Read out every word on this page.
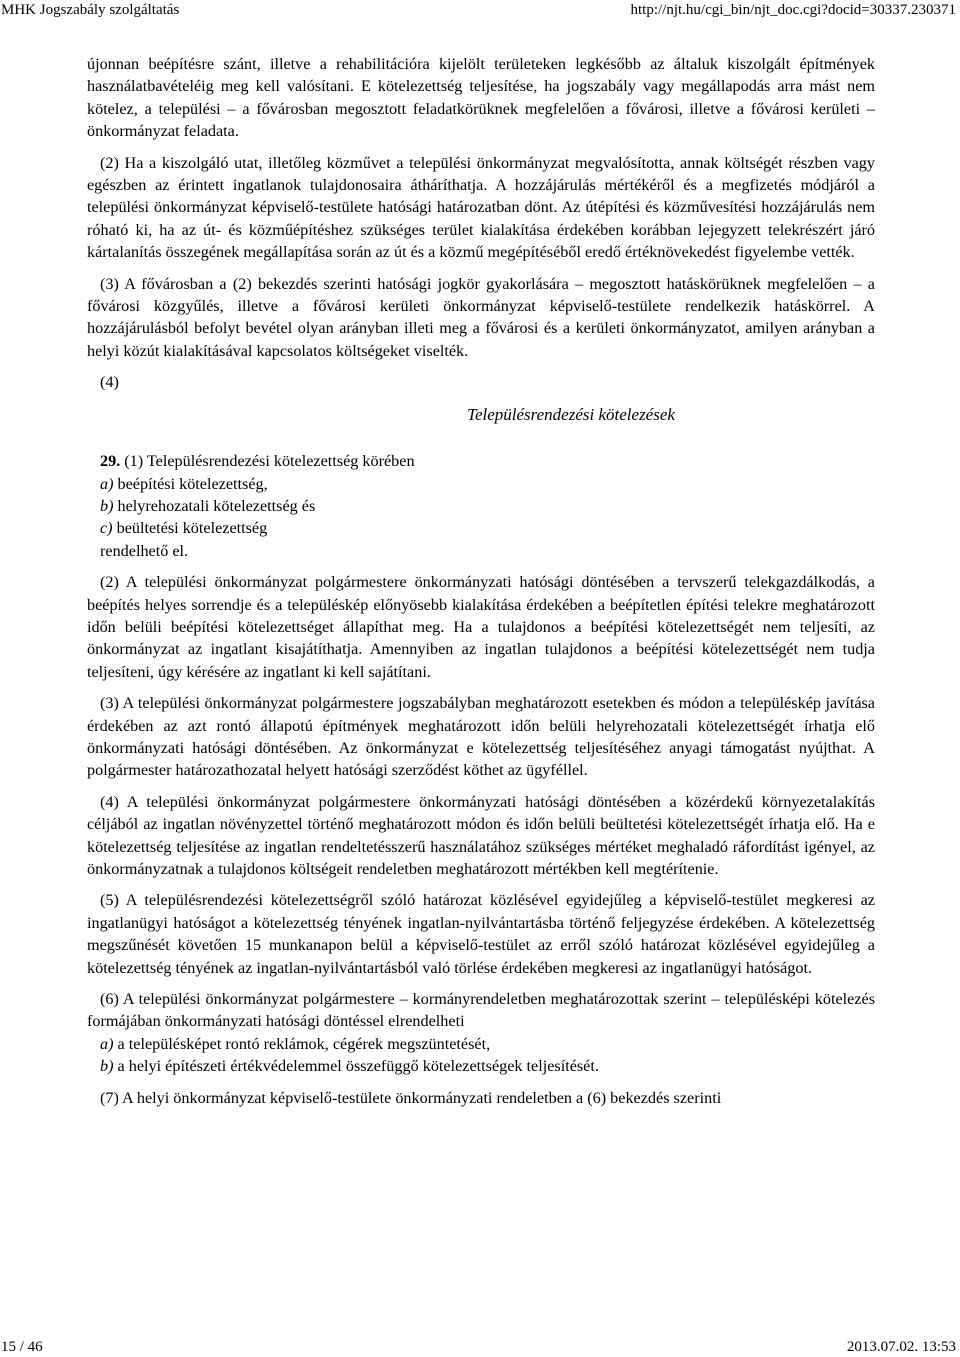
MHK Jogszabály szolgáltatás	http://njt.hu/cgi_bin/njt_doc.cgi?docid=30337.230371

újonnan beépítésre szánt, illetve a rehabilitációra kijelölt területeken legkésőbb az általuk kiszolgált építmények használatbavételéig meg kell valósítani. E kötelezettség teljesítése, ha jogszabály vagy megállapodás arra mást nem kötelez, a települési – a fővárosban megosztott feladatkörüknek megfelelően a fővárosi, illetve a fővárosi kerületi – önkormányzat feladata.

(2) Ha a kiszolgáló utat, illetőleg közművet a települési önkormányzat megvalósította, annak költségét részben vagy egészben az érintett ingatlanok tulajdonosaira átháríthatja. A hozzájárulás mértékéről és a megfizetés módjáról a települési önkormányzat képviselő-testülete hatósági határozatban dönt. Az útépítési és közművesítési hozzájárulás nem róható ki, ha az út- és közműépítéshez szükséges terület kialakítása érdekében korábban lejegyzett telekrészért járó kártalanítás összegének megállapítása során az út és a közmű megépítéséből eredő értéknövekedést figyelembe vették.

(3) A fővárosban a (2) bekezdés szerinti hatósági jogkör gyakorlására – megosztott hatáskörüknek megfelelően – a fővárosi közgyűlés, illetve a fővárosi kerületi önkormányzat képviselő-testülete rendelkezik hatáskörrel. A hozzájárulásból befolyt bevétel olyan arányban illeti meg a fővárosi és a kerületi önkormányzatot, amilyen arányban a helyi közút kialakításával kapcsolatos költségeket viselték.

(4)

Településrendezési kötelezések

29. (1) Településrendezési kötelezettség körében

a) beépítési kötelezettség,

b) helyrehozatali kötelezettség és

c) beültetési kötelezettség

rendelhető el.

(2) A települési önkormányzat polgármestere önkormányzati hatósági döntésében a tervszerű telekgazdálkodás, a beépítés helyes sorrendje és a településkép előnyösebb kialakítása érdekében a beépítetlen építési telekre meghatározott időn belüli beépítési kötelezettséget állapíthat meg. Ha a tulajdonos a beépítési kötelezettségét nem teljesíti, az önkormányzat az ingatlant kisajátíthatja. Amennyiben az ingatlan tulajdonos a beépítési kötelezettségét nem tudja teljesíteni, úgy kérésére az ingatlant ki kell sajátítani.

(3) A települési önkormányzat polgármestere jogszabályban meghatározott esetekben és módon a településkép javítása érdekében az azt rontó állapotú építmények meghatározott időn belüli helyrehozatali kötelezettségét írhatja elő önkormányzati hatósági döntésében. Az önkormányzat e kötelezettség teljesítéséhez anyagi támogatást nyújthat. A polgármester határozathozatal helyett hatósági szerződést köthet az ügyféllel.

(4) A települési önkormányzat polgármestere önkormányzati hatósági döntésében a közérdekű környezetalakítás céljából az ingatlan növényzettel történő meghatározott módon és időn belüli beültetési kötelezettségét írhatja elő. Ha e kötelezettség teljesítése az ingatlan rendeltetésszerű használatához szükséges mértéket meghaladó ráfordítást igényel, az önkormányzatnak a tulajdonos költségeit rendeletben meghatározott mértékben kell megtérítenie.

(5) A településrendezési kötelezettségről szóló határozat közlésével egyidejűleg a képviselő-testület megkeresi az ingatlanügyi hatóságot a kötelezettség tényének ingatlan-nyilvántartásba történő feljegyzése érdekében. A kötelezettség megszűnését követően 15 munkanapon belül a képviselő-testület az erről szóló határozat közlésével egyidejűleg a kötelezettség tényének az ingatlan-nyilvántartásból való törlése érdekében megkeresi az ingatlanügyi hatóságot.

(6) A települési önkormányzat polgármestere – kormányrendeletben meghatározottak szerint – településképi kötelezés formájában önkormányzati hatósági döntéssel elrendelheti

a) a településképet rontó reklámok, cégérek megszüntetését,

b) a helyi építészeti értékvédelemmel összefüggő kötelezettségek teljesítését.

(7) A helyi önkormányzat képviselő-testülete önkormányzati rendeletben a (6) bekezdés szerinti

15 / 46	2013.07.02. 13:53
